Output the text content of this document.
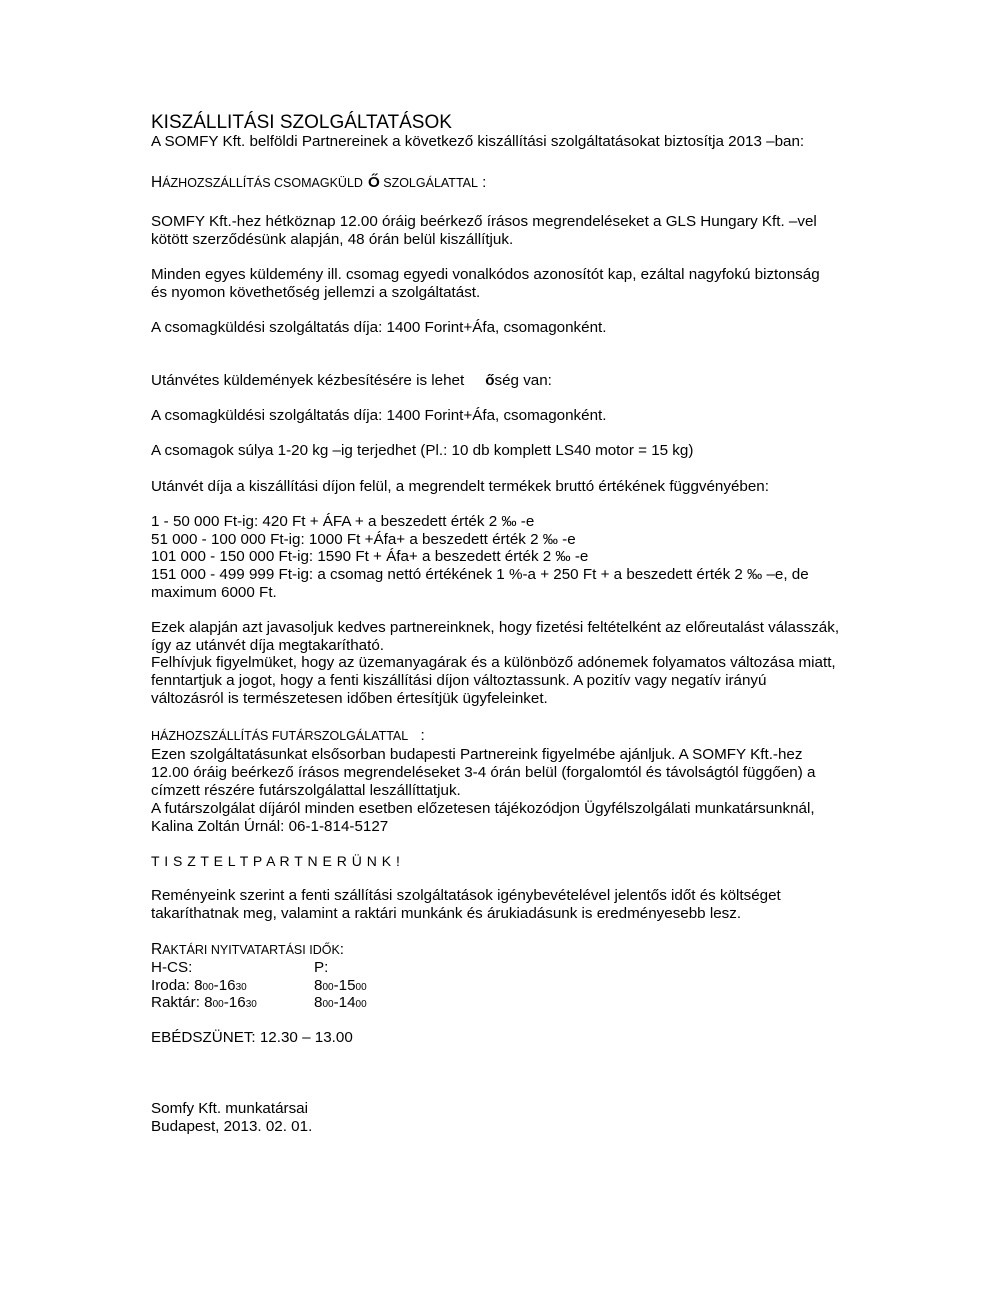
KISZÁLLITÁSI SZOLGÁLTATÁSOK
A SOMFY Kft. belföldi Partnereinek a következő kiszállítási szolgáltatásokat biztosítja 2013 –ban:
HÁZHOZSZÁLLÍTÁS CSOMAGKÜLD Ő SZOLGÁLATTAL :
SOMFY Kft.-hez hétköznap 12.00 óráig beérkező írásos megrendeléseket a GLS Hungary Kft. –vel
kötött szerződésünk alapján, 48 órán belül kiszállítjuk.
Minden egyes küldemény ill. csomag egyedi vonalkódos azonosítót kap, ezáltal nagyfokú biztonság
és nyomon követhetőség jellemzi a szolgáltatást.
A csomagküldési szolgáltatás díja: 1400 Forint+Áfa, csomagonként.
Utánvétes küldemények kézbesítésére is lehet őség van:
A csomagküldési szolgáltatás díja: 1400 Forint+Áfa, csomagonként.
A csomagok súlya 1-20 kg –ig terjedhet (Pl.: 10 db komplett LS40 motor = 15 kg)
Utánvét díja a kiszállítási díjon felül, a megrendelt termékek bruttó értékének függvényében:
1 - 50 000 Ft-ig: 420 Ft + ÁFA + a beszedett érték 2 ‰ -e
51 000 - 100 000 Ft-ig: 1000 Ft +Áfa+ a beszedett érték 2 ‰ -e
101 000 - 150 000 Ft-ig: 1590 Ft + Áfa+ a beszedett érték 2 ‰ -e
151 000 - 499 999 Ft-ig: a csomag nettó értékének 1 %-a + 250 Ft + a beszedett érték 2 ‰ –e, de
maximum 6000 Ft.
Ezek alapján azt javasoljuk kedves partnereinknek, hogy fizetési feltételként az előreutalást válasszák,
így az utánvét díja megtakarítható.
Felhívjuk figyelmüket, hogy az üzemanyagárak és a különböző adónemek folyamatos változása miatt,
fenntartjuk a jogot, hogy a fenti kiszállítási díjon változtassunk. A pozitív vagy negatív irányú
változásról is természetesen időben értesítjük ügyfeleinket.
HÁZHOZSZÁLLÍTÁS FUTÁRSZOLGÁLATTAL :
Ezen szolgáltatásunkat elsősorban budapesti Partnereink figyelmébe ajánljuk. A SOMFY Kft.-hez
12.00 óráig beérkező írásos megrendeléseket 3-4 órán belül (forgalomtól és távolságtól függően) a
címzett részére futárszolgálattal leszállíttatjuk.
A futárszolgálat díjáról minden esetben előzetesen tájékozódjon Ügyfélszolgálati munkatársunknál,
Kalina Zoltán Úrnál: 06-1-814-5127
T I S Z T E L T P A R T N E R Ü N K !
Reményeink szerint a fenti szállítási szolgáltatások igénybevételével jelentős időt és költséget
takaríthatnak meg, valamint a raktári munkánk és árukiadásunk is eredményesebb lesz.
RAKTÁRI NYITVATARTÁSI IDŐK:
H-CS:	P:
Iroda: 800-1630	800-1500
Raktár: 800-1630	800-1400
EBÉDSZÜNET: 12.30 – 13.00
Somfy Kft. munkatársai
Budapest, 2013. 02. 01.
